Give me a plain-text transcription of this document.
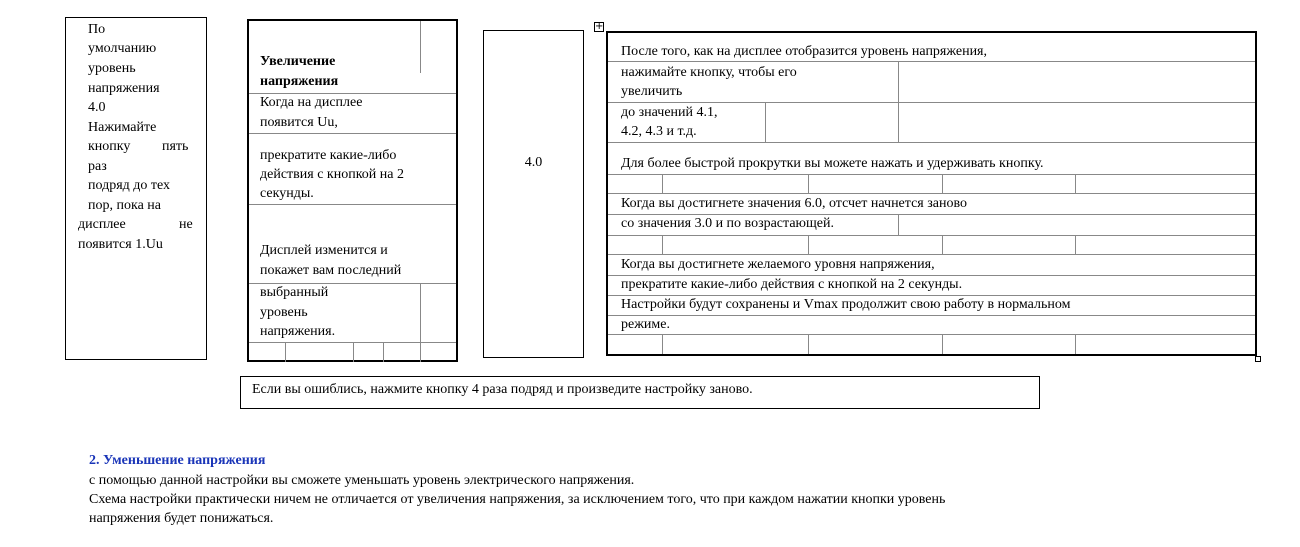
+
По
умолчанию
уровень
напряжения
4.0
Нажимайте
кнопку пять
раз
подряд до тех
пор, пока на
дисплее	не
появится 1.Uu
Увеличение
напряжения
Когда на дисплее
появится Uu,
прекратите какие-либо
действия с кнопкой на 2
секунды.
Дисплей изменится и
покажет вам последний
выбранный
уровень
напряжения.
4.0
После того, как на дисплее отобразится уровень напряжения,
нажимайте кнопку, чтобы его
увеличить
до значений 4.1,
4.2, 4.3 и т.д.
Для более быстрой прокрутки вы можете нажать и удерживать кнопку.
Когда вы достигнете значения 6.0, отсчет начнется заново
со значения 3.0 и по возрастающей.
Когда вы достигнете желаемого уровня напряжения,
прекратите какие-либо действия с кнопкой на 2 секунды.
Настройки будут сохранены и Vmax продолжит свою работу в нормальном
режиме.
Если вы ошиблись, нажмите кнопку 4 раза подряд и произведите настройку заново.
2. Уменьшение напряжения
с помощью данной настройки вы сможете уменьшать уровень электрического напряжения.
Схема настройки практически ничем не отличается от увеличения напряжения, за исключением того, что при каждом нажатии кнопки уровень
напряжения будет понижаться.
